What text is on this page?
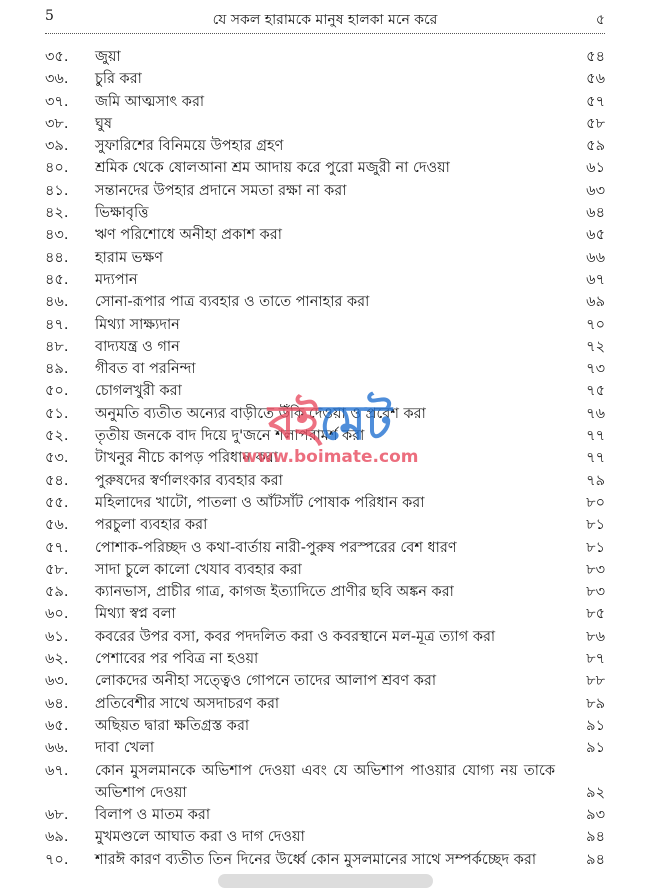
5	যে সকল হারামকে মানুষ হালকা মনে করে	৫
৩৫.	জুয়া	৫৪
৩৬.	চুরি করা	৫৬
৩৭.	জমি আত্মসাৎ করা	৫৭
৩৮.	ঘুষ	৫৮
৩৯.	সুফারিশের বিনিময়ে উপহার গ্রহণ	৫৯
৪০.	শ্রমিক থেকে ষোলআনা শ্রম আদায় করে পুরো মজুরী না দেওয়া	৬১
৪১.	সন্তানদের উপহার প্রদানে সমতা রক্ষা না করা	৬৩
৪২.	ভিক্ষাবৃত্তি	৬৪
৪৩.	ঋণ পরিশোধে অনীহা প্রকাশ করা	৬৫
৪৪.	হারাম ভক্ষণ	৬৬
৪৫.	মদ্যপান	৬৭
৪৬.	সোনা-রূপার পাত্র ব্যবহার ও তাতে পানাহার করা	৬৯
৪৭.	মিথ্যা সাক্ষ্যদান	৭০
৪৮.	বাদ্যযন্ত্র ও গান	৭২
৪৯.	গীবত বা পরনিন্দা	৭৩
৫০.	চোগলখুরী করা	৭৫
৫১.	অনুমতি ব্যতীত অন্যের বাড়ীতে উঁকি দেওয়া ও প্রবেশ করা	৭৬
৫২.	তৃতীয় জনকে বাদ দিয়ে দু'জনে শলাপরামর্শ করা	৭৭
৫৩.	টাখনুর নীচে কাপড় পরিধান করা	৭৭
৫৪.	পুরুষদের স্বর্ণালংকার ব্যবহার করা	৭৯
৫৫.	মহিলাদের খাটো, পাতলা ও আঁটসাঁট পোষাক পরিধান করা	৮০
৫৬.	পরচুলা ব্যবহার করা	৮১
৫৭.	পোশাক-পরিচ্ছদ ও কথা-বার্তায় নারী-পুরুষ পরস্পরের বেশ ধারণ	৮১
৫৮.	সাদা চুলে কালো খেযাব ব্যবহার করা	৮৩
৫৯.	ক্যানভাস, প্রাচীর গাত্র, কাগজ ইত্যাদিতে প্রাণীর ছবি অঙ্কন করা	৮৩
৬০.	মিথ্যা স্বপ্ন বলা	৮৫
৬১.	কবরের উপর বসা, কবর পদদলিত করা ও কবরস্থানে মল-মূত্র ত্যাগ করা	৮৬
৬২.	পেশাবের পর পবিত্র না হওয়া	৮৭
৬৩.	লোকদের অনীহা সত্ত্বেও গোপনে তাদের আলাপ শ্রবণ করা	৮৮
৬৪.	প্রতিবেশীর সাথে অসদাচরণ করা	৮৯
৬৫.	অছিয়ত দ্বারা ক্ষতিগ্রস্ত করা	৯১
৬৬.	দাবা খেলা	৯১
৬৭.	কোন মুসলমানকে অভিশাপ দেওয়া এবং যে অভিশাপ পাওয়ার যোগ্য নয় তাকে অভিশাপ দেওয়া	৯২
৬৮.	বিলাপ ও মাতম করা	৯৩
৬৯.	মুখমণ্ডলে আঘাত করা ও দাগ দেওয়া	৯৪
৭০.	শারঈ কারণ ব্যতীত তিন দিনের উর্ধ্বে কোন মুসলমানের সাথে সম্পর্কচ্ছেদ করা	৯৪
বইমেট
www.boimate.com
